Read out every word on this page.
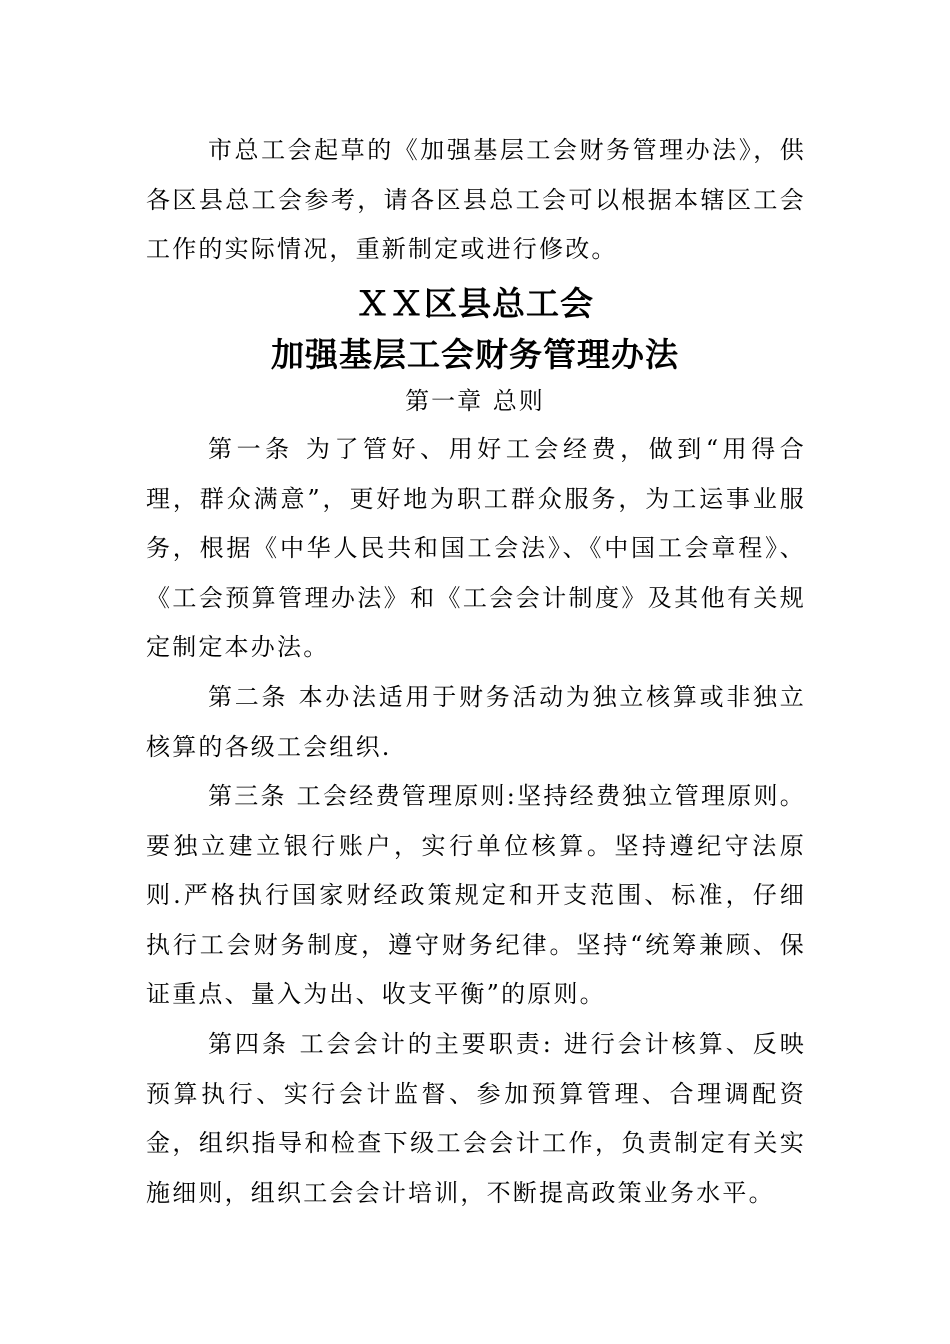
市总工会起草的《加强基层工会财务管理办法》，供各区县总工会参考，请各区县总工会可以根据本辖区工会工作的实际情况，重新制定或进行修改。

ＸＸ区县总工会
加强基层工会财务管理办法
第一章 总则

第一条 为了管好、用好工会经费，做到“用得合理，群众满意”，更好地为职工群众服务，为工运事业服务，根据《中华人民共和国工会法》、《中国工会章程》、《工会预算管理办法》和《工会会计制度》及其他有关规定制定本办法。

第二条 本办法适用于财务活动为独立核算或非独立核算的各级工会组织.

第三条 工会经费管理原则:坚持经费独立管理原则。要独立建立银行账户，实行单位核算。坚持遵纪守法原则.严格执行国家财经政策规定和开支范围、标准，仔细执行工会财务制度，遵守财务纪律。坚持“统筹兼顾、保证重点、量入为出、收支平衡”的原则。

第四条 工会会计的主要职责: 进行会计核算、反映预算执行、实行会计监督、参加预算管理、合理调配资金，组织指导和检查下级工会会计工作，负责制定有关实施细则，组织工会会计培训，不断提高政策业务水平。
